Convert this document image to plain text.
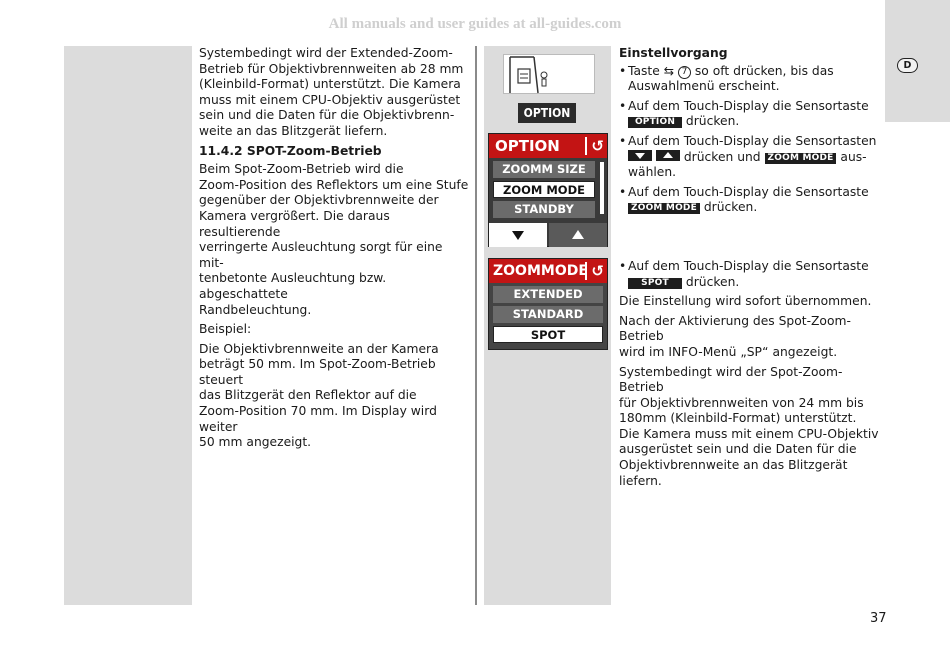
All manuals and user guides at all-guides.com
D

Systembedingt wird der Extended-Zoom-
Betrieb für Objektivbrennweiten ab 28 mm
(Kleinbild-Format) unterstützt. Die Kamera
muss mit einem CPU-Objektiv ausgerüstet
sein und die Daten für die Objektivbrenn-
weite an das Blitzgerät liefern.

11.4.2 SPOT-Zoom-Betrieb

Beim Spot-Zoom-Betrieb wird die
Zoom-Position des Reflektors um eine Stufe
gegenüber der Objektivbrennweite der
Kamera vergrößert. Die daraus resultierende
verringerte Ausleuchtung sorgt für eine mit-
tenbetonte Ausleuchtung bzw. abgeschattete
Randbeleuchtung.

Beispiel:

Die Objektivbrennweite an der Kamera
beträgt 50 mm. Im Spot-Zoom-Betrieb steuert
das Blitzgerät den Reflektor auf die
Zoom-Position 70 mm. Im Display wird weiter
50 mm angezeigt.

OPTION
OPTION	↺
ZOOMM SIZE
ZOOM MODE
STANDBY
ZOOMMODE ↺
EXTENDED
STANDARD
SPOT

Einstellvorgang

• Taste ⇆ 7 so oft drücken, bis das
Auswahlmenü erscheint.
• Auf dem Touch-Display die Sensortaste
OPTION drücken.
• Auf dem Touch-Display die Sensortasten
drücken und ZOOM MODE aus-
wählen.
• Auf dem Touch-Display die Sensortaste
ZOOM MODE drücken.
• Auf dem Touch-Display die Sensortaste
SPOT drücken.

Die Einstellung wird sofort übernommen.

Nach der Aktivierung des Spot-Zoom-Betrieb
wird im INFO-Menü „SP“ angezeigt.

Systembedingt wird der Spot-Zoom-Betrieb
für Objektivbrennweiten von 24 mm bis
180mm (Kleinbild-Format) unterstützt.
Die Kamera muss mit einem CPU-Objektiv
ausgerüstet sein und die Daten für die
Objektivbrennweite an das Blitzgerät liefern.

37
